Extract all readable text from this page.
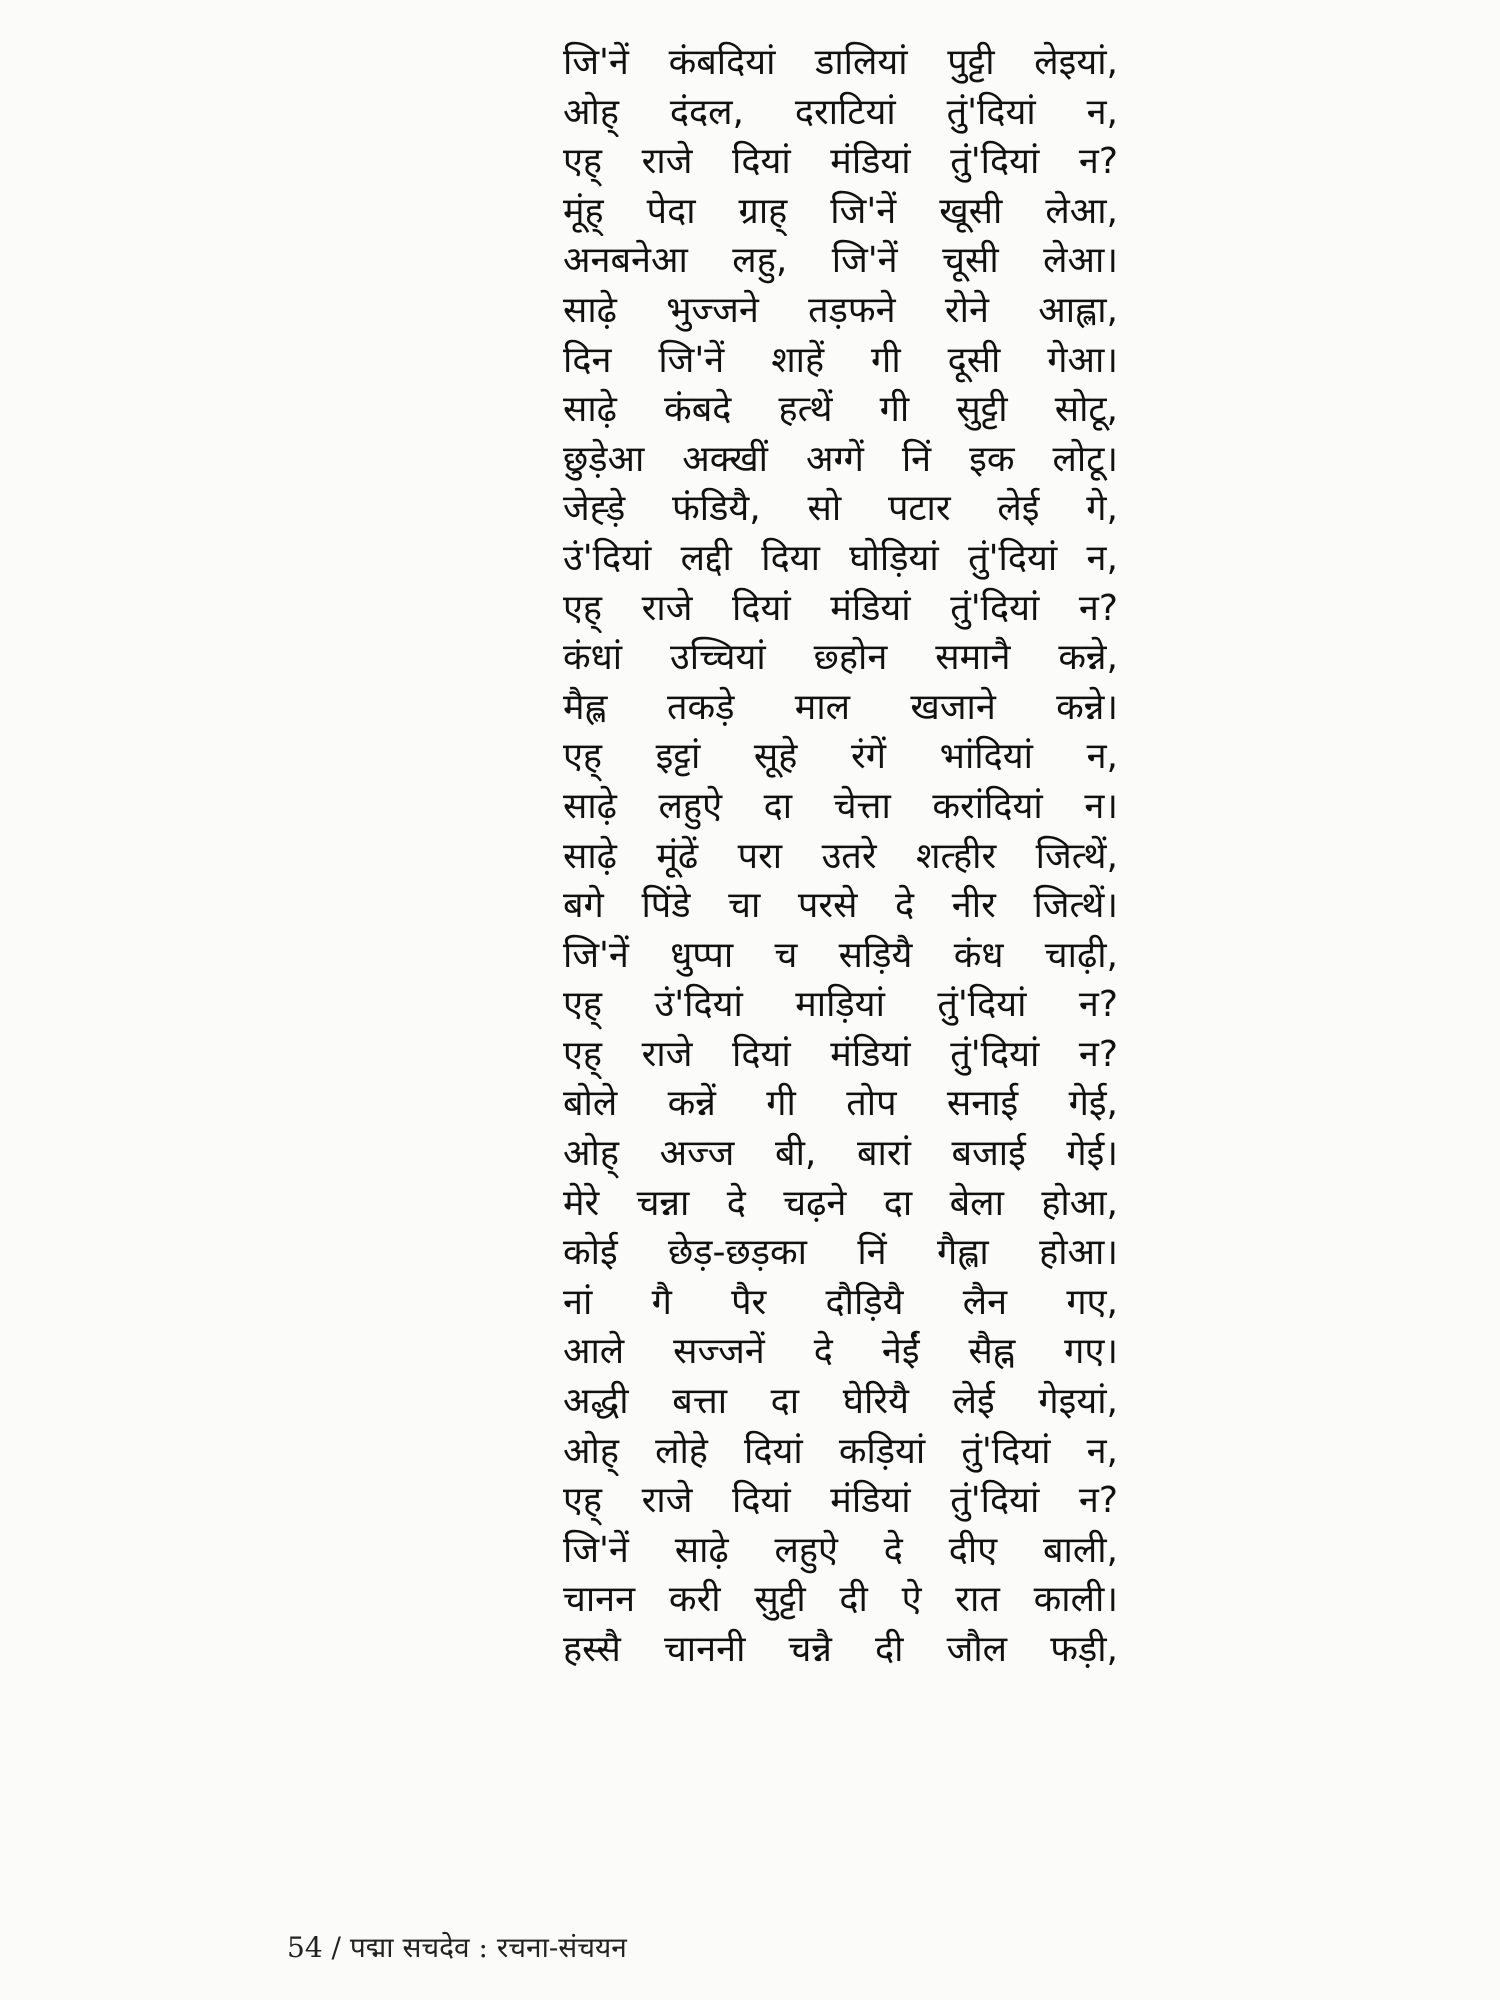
जि'नें कंबदियां डालियां पुट्टी लेइयां,
ओह् दंदल, दराटियां तुं'दियां न,
एह् राजे दियां मंडियां तुं'दियां न?
मूंह् पेदा ग्राह् जि'नें खूसी लेआ,
अनबनेआ लहु, जि'नें चूसी लेआ।
साढ़े भुज्जने तड़फने रोने आह्ला,
दिन जि'नें शाहें गी दूसी गेआ।
साढ़े कंबदे हत्थें गी सुट्टी सोटू,
छुड़ेआ अक्खीं अग्गें निं इक लोटू।
जेह्ड़े फंडियै, सो पटार लेई गे,
उं'दियां लद्दी दिया घोड़ियां तुं'दियां न,
एह् राजे दियां मंडियां तुं'दियां न?
कंधां उच्चियां छ्होन समानै कन्ने,
मैह्ल तकड़े माल खजाने कन्ने।
एह् इट्टां सूहे रंगें भांदियां न,
साढ़े लहुऐ दा चेत्ता करांदियां न।
साढ़े मूंढें परा उतरे शत्हीर जित्थें,
बगे पिंडे चा परसे दे नीर जित्थें।
जि'नें धुप्पा च सड़ियै कंध चाढ़ी,
एह् उं'दियां माड़ियां तुं'दियां न?
एह् राजे दियां मंडियां तुं'दियां न?
बोले कन्नें गी तोप सनाई गेई,
ओह् अज्ज बी, बारां बजाई गेई।
मेरे चन्ना दे चढ़ने दा बेला होआ,
कोई छेड़-छड़का निं गैह्ला होआ।
नां गै पैर दौड़ियै लैन गए,
आले सज्जनें दे नेईं सैह्न गए।
अद्धी बत्ता दा घेरियै लेई गेइयां,
ओह् लोहे दियां कड़ियां तुं'दियां न,
एह् राजे दियां मंडियां तुं'दियां न?
जि'नें साढ़े लहुऐ दे दीए बाली,
चानन करी सुट्टी दी ऐ रात काली।
हस्सै चाननी चन्नै दी जौल फड़ी,
54 / पद्मा सचदेव : रचना-संचयन
